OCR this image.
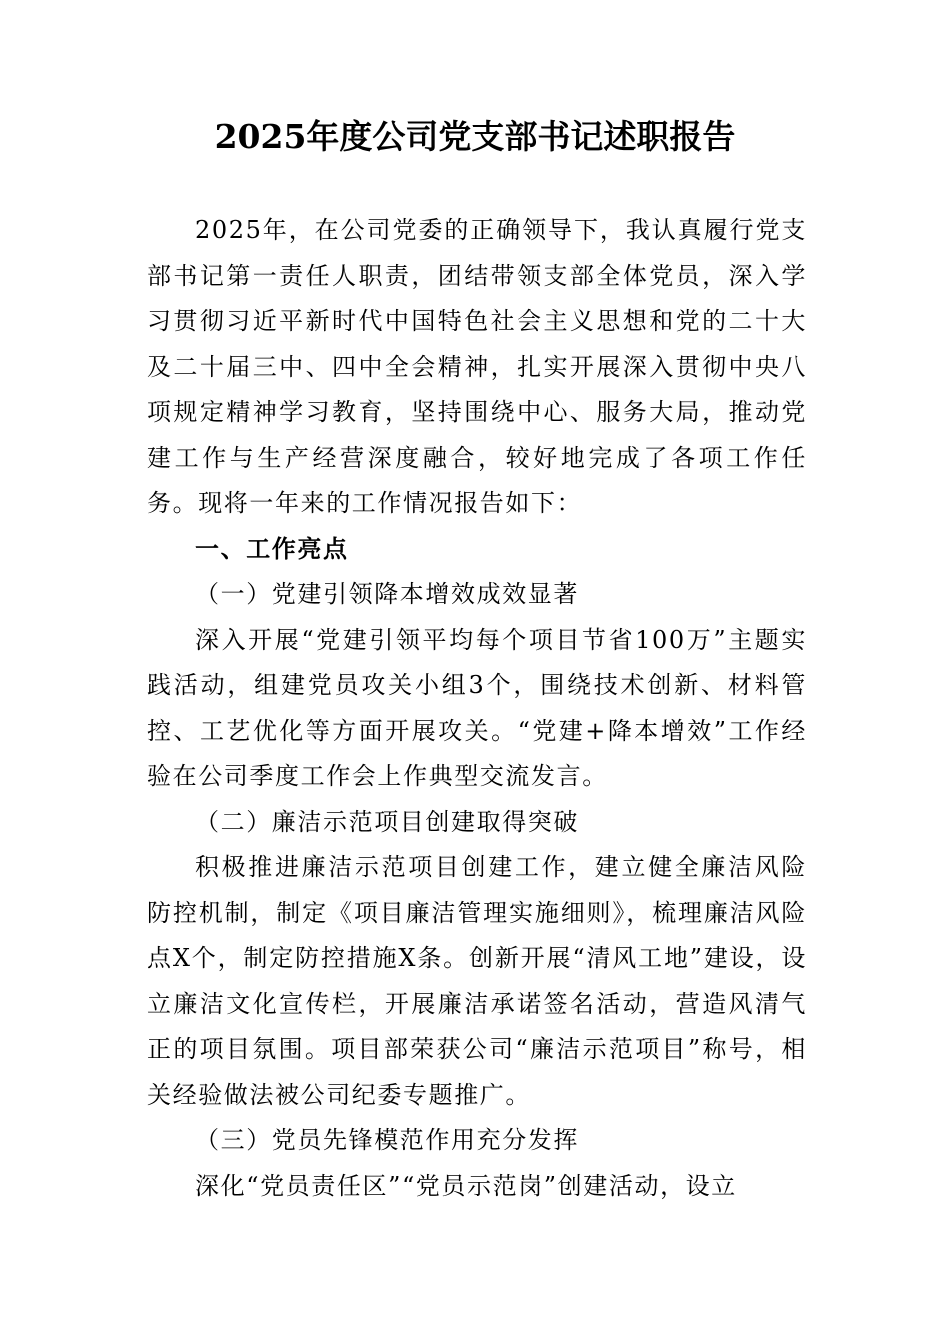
2025年度公司党支部书记述职报告

2025年，在公司党委的正确领导下，我认真履行党支部书记第一责任人职责，团结带领支部全体党员，深入学习贯彻习近平新时代中国特色社会主义思想和党的二十大及二十届三中、四中全会精神，扎实开展深入贯彻中央八项规定精神学习教育，坚持围绕中心、服务大局，推动党建工作与生产经营深度融合，较好地完成了各项工作任务。现将一年来的工作情况报告如下：

一、工作亮点

（一）党建引领降本增效成效显著

深入开展“党建引领平均每个项目节省100万”主题实践活动，组建党员攻关小组3个，围绕技术创新、材料管控、工艺优化等方面开展攻关。“党建+降本增效”工作经验在公司季度工作会上作典型交流发言。

（二）廉洁示范项目创建取得突破

积极推进廉洁示范项目创建工作，建立健全廉洁风险防控机制，制定《项目廉洁管理实施细则》，梳理廉洁风险点X个，制定防控措施X条。创新开展“清风工地”建设，设立廉洁文化宣传栏，开展廉洁承诺签名活动，营造风清气正的项目氛围。项目部荣获公司“廉洁示范项目”称号，相关经验做法被公司纪委专题推广。

（三）党员先锋模范作用充分发挥

深化“党员责任区”“党员示范岗”创建活动，设立
